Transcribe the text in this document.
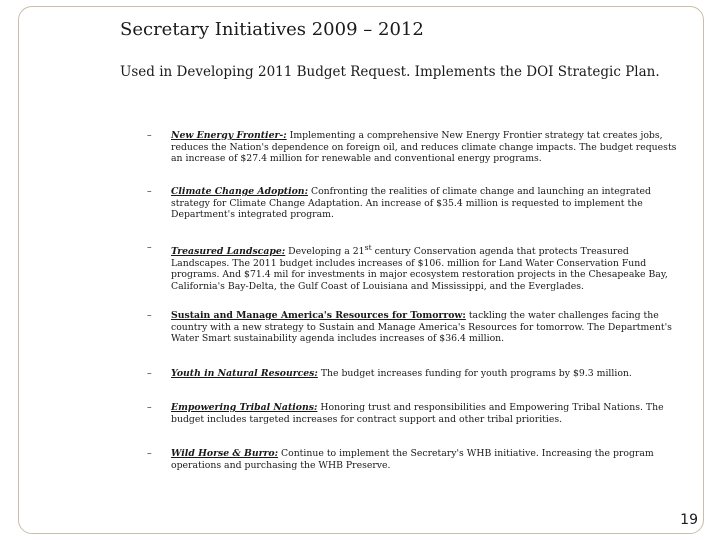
Secretary Initiatives 2009 – 2012
Used in Developing 2011 Budget Request. Implements the DOI Strategic Plan.
–	New Energy Frontier-: Implementing a comprehensive New Energy Frontier strategy tat creates jobs, reduces the Nation's dependence on foreign oil, and reduces climate change impacts. The budget requests an increase of $27.4 million for renewable and conventional energy programs.
–	Climate Change Adoption: Confronting the realities of climate change and launching an integrated strategy for Climate Change Adaptation. An increase of $35.4 million is requested to implement the Department's integrated program.
–	Treasured Landscape: Developing a 21st century Conservation agenda that protects Treasured Landscapes. The 2011 budget includes increases of $106. million for Land Water Conservation Fund programs. And $71.4 mil for investments in major ecosystem restoration projects in the Chesapeake Bay, California's Bay-Delta, the Gulf Coast of Louisiana and Mississippi, and the Everglades.
–	Sustain and Manage America's Resources for Tomorrow: tackling the water challenges facing the country with a new strategy to Sustain and Manage America's Resources for tomorrow. The Department's Water Smart sustainability agenda includes increases of $36.4 million.
–	Youth in Natural Resources: The budget increases funding for youth programs by $9.3 million.
–	Empowering Tribal Nations: Honoring trust and responsibilities and Empowering Tribal Nations. The budget includes targeted increases for contract support and other tribal priorities.
–	Wild Horse & Burro: Continue to implement the Secretary's WHB initiative. Increasing the program operations and purchasing the WHB Preserve.
19
